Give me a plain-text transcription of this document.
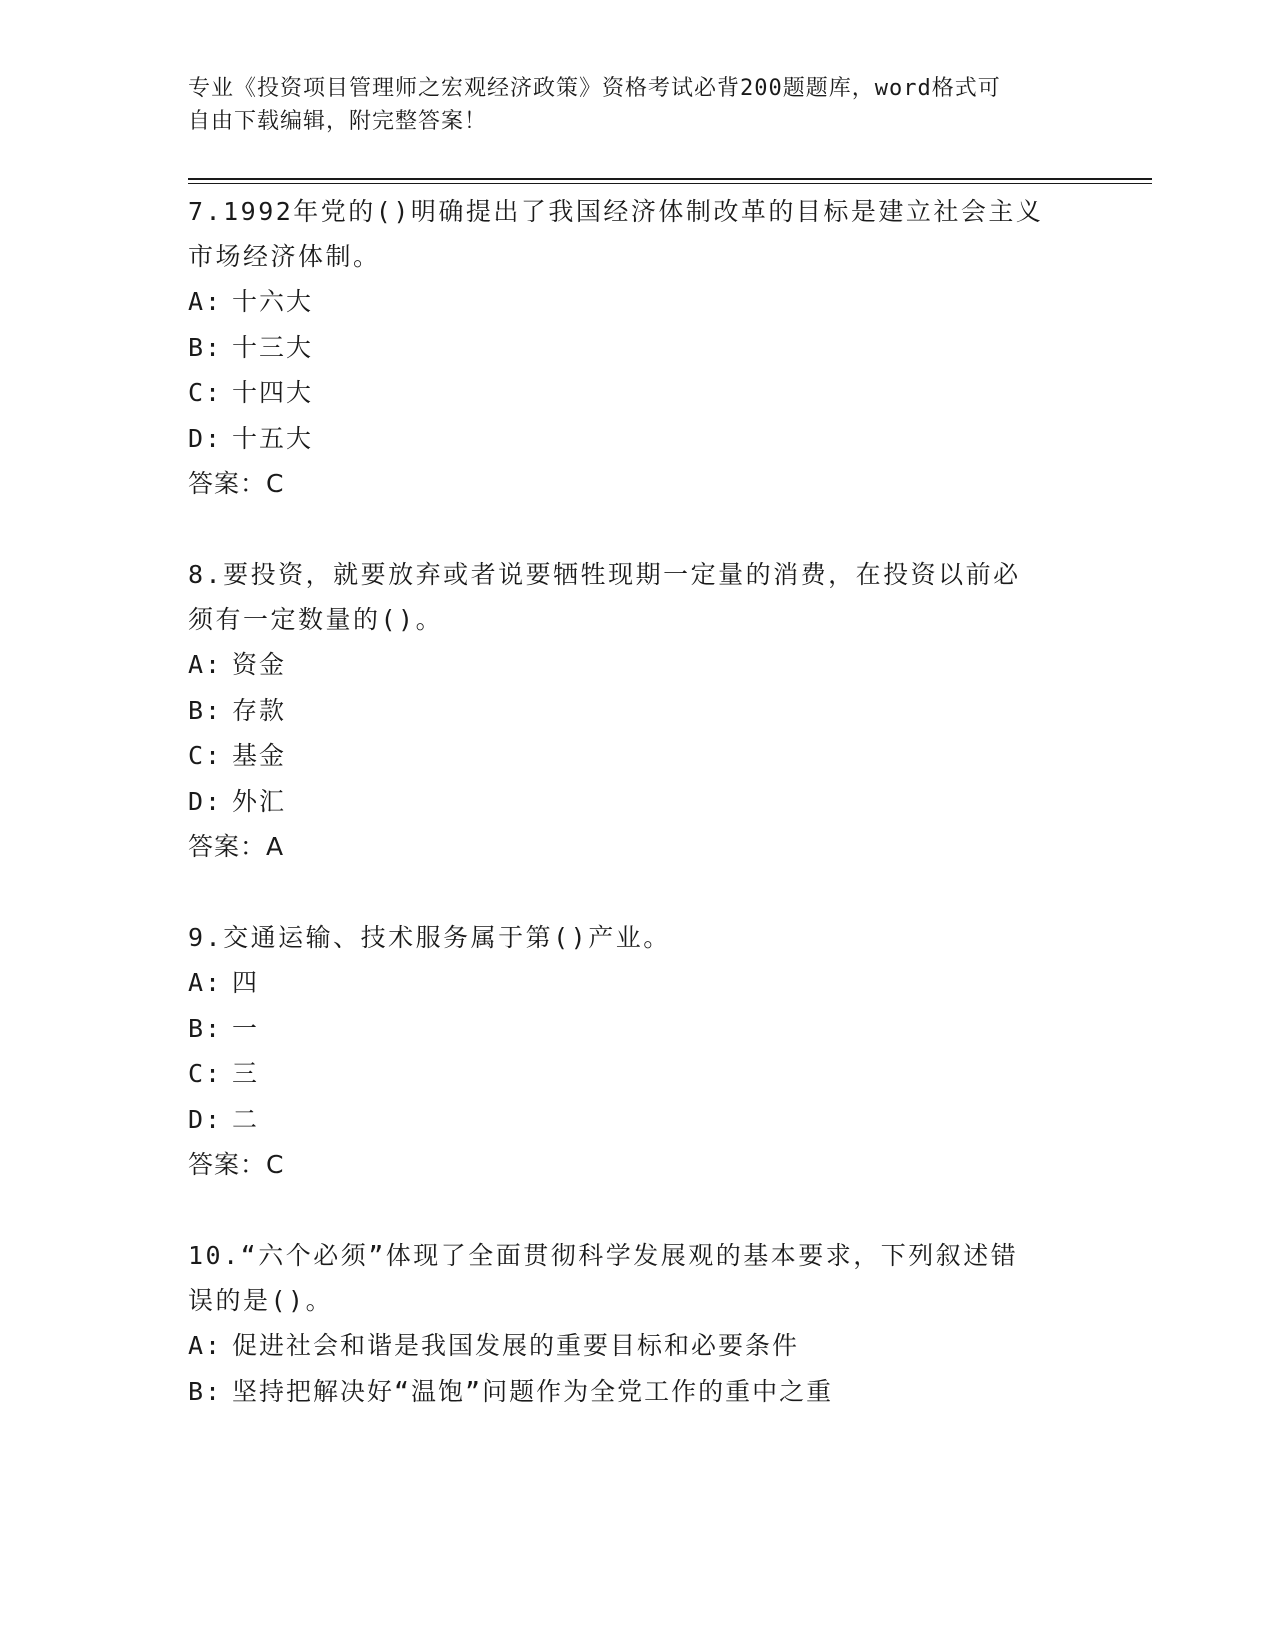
专业《投资项目管理师之宏观经济政策》资格考试必背200题题库，word格式可
自由下载编辑，附完整答案！
7.1992年党的()明确提出了我国经济体制改革的目标是建立社会主义
市场经济体制。
A: 十六大
B: 十三大
C: 十四大
D: 十五大
答案：C
8.要投资，就要放弃或者说要牺牲现期一定量的消费，在投资以前必
须有一定数量的()。
A: 资金
B: 存款
C: 基金
D: 外汇
答案：A
9.交通运输、技术服务属于第()产业。
A: 四
B: 一
C: 三
D: 二
答案：C
10.“六个必须”体现了全面贯彻科学发展观的基本要求，下列叙述错
误的是()。
A: 促进社会和谐是我国发展的重要目标和必要条件
B: 坚持把解决好“温饱”问题作为全党工作的重中之重
